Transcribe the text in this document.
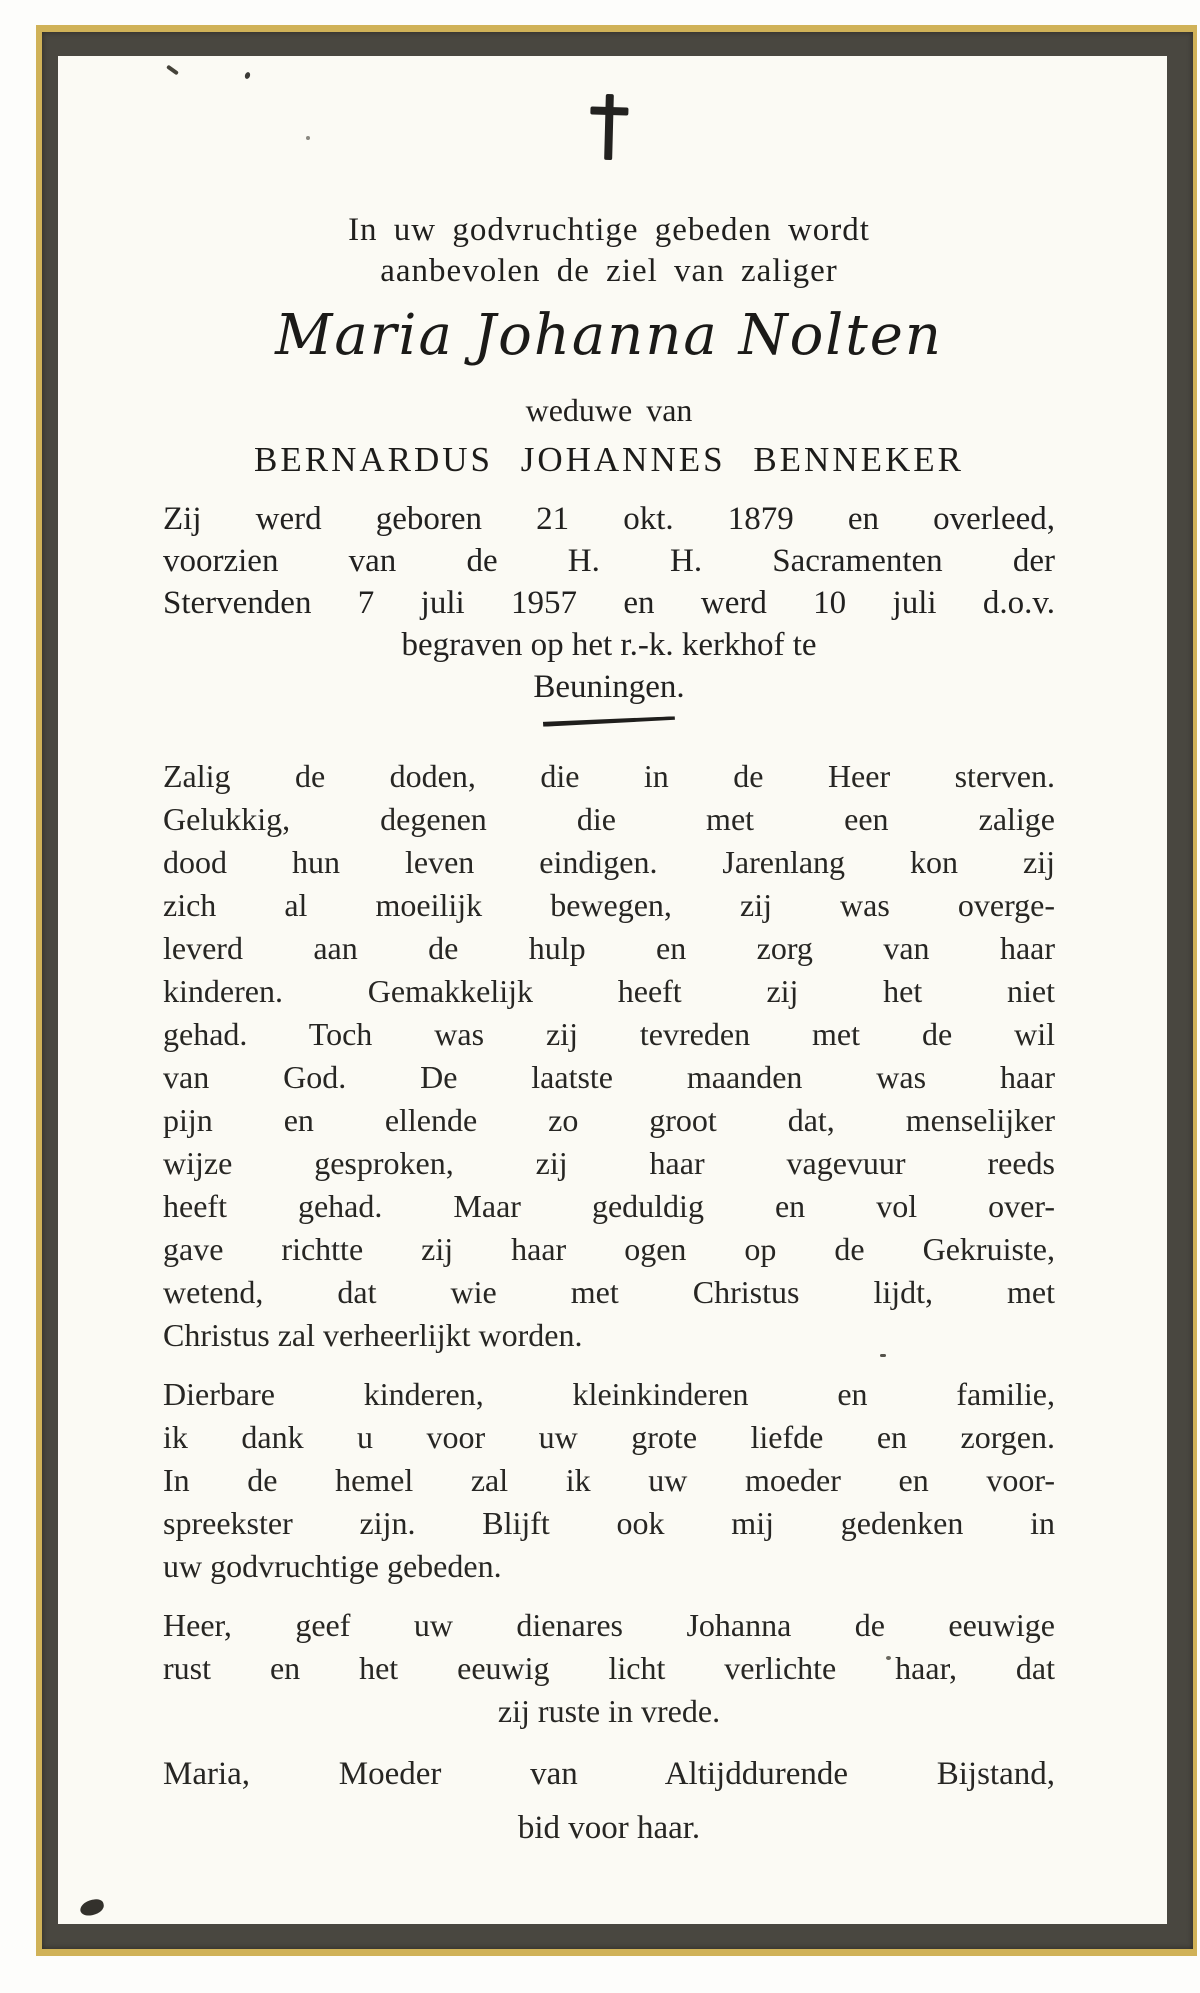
In uw godvruchtige gebeden wordt
aanbevolen de ziel van zaliger
Maria Johanna Nolten
weduwe van
BERNARDUS JOHANNES BENNEKER
Zij werd geboren 21 okt. 1879 en overleed,
voorzien van de H. H. Sacramenten der
Stervenden 7 juli 1957 en werd 10 juli d.o.v.
begraven op het r.-k. kerkhof te
Beuningen.
Zalig de doden, die in de Heer sterven.
Gelukkig, degenen die met een zalige
dood hun leven eindigen. Jarenlang kon zij
zich al moeilijk bewegen, zij was overge-
leverd aan de hulp en zorg van haar
kinderen. Gemakkelijk heeft zij het niet
gehad. Toch was zij tevreden met de wil
van God. De laatste maanden was haar
pijn en ellende zo groot dat, menselijker
wijze gesproken, zij haar vagevuur reeds
heeft gehad. Maar geduldig en vol over-
gave richtte zij haar ogen op de Gekruiste,
wetend, dat wie met Christus lijdt, met
Christus zal verheerlijkt worden.
Dierbare kinderen, kleinkinderen en familie,
ik dank u voor uw grote liefde en zorgen.
In de hemel zal ik uw moeder en voor-
spreekster zijn. Blijft ook mij gedenken in
uw godvruchtige gebeden.
Heer, geef uw dienares Johanna de eeuwige
rust en het eeuwig licht verlichte haar, dat
zij ruste in vrede.
Maria, Moeder van Altijddurende Bijstand,
bid voor haar.
